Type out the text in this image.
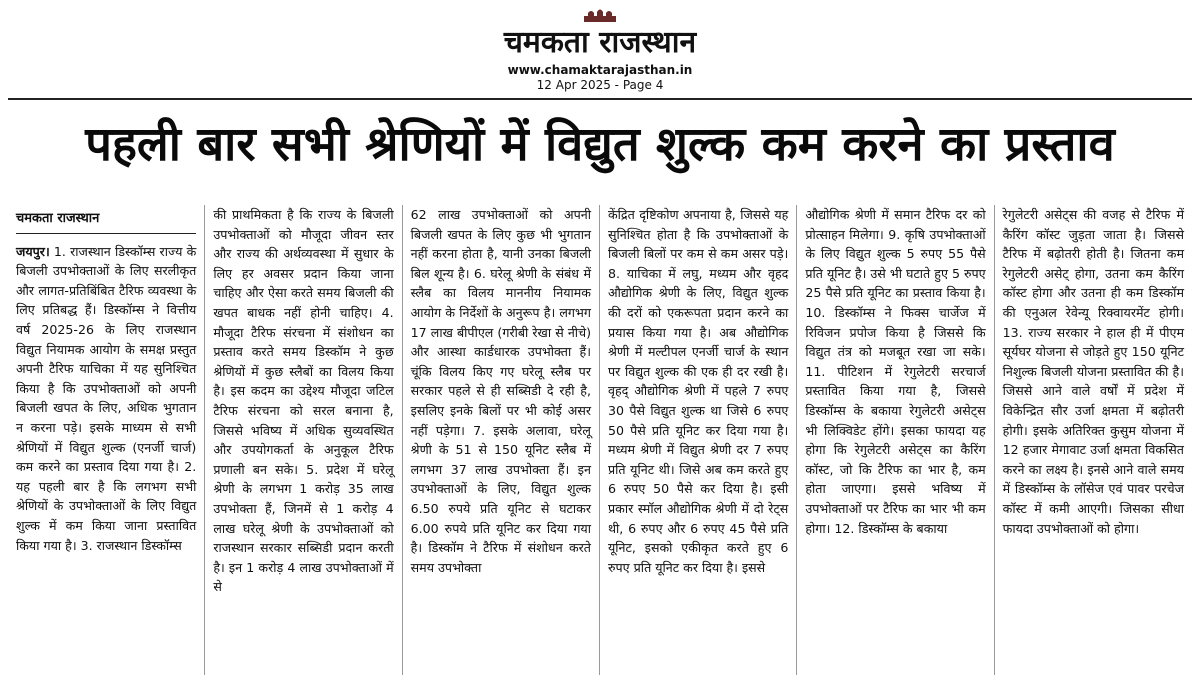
चमकता राजस्थान
www.chamaktarajasthan.in
12 Apr 2025 - Page 4
पहली बार सभी श्रेणियों में विद्युत शुल्क कम करने का प्रस्ताव
चमकता राजस्थान

जयपुर। 1. राजस्थान डिस्कॉम्स राज्य के बिजली उपभोक्ताओं के लिए सरलीकृत और लागत-प्रतिबिंबित टैरिफ व्यवस्था के लिए प्रतिबद्ध हैं। डिस्कॉम्स ने वित्तीय वर्ष 2025-26 के लिए राजस्थान विद्युत नियामक आयोग के समक्ष प्रस्तुत अपनी टैरिफ याचिका में यह सुनिश्चित किया है कि उपभोक्ताओं को अपनी बिजली खपत के लिए, अधिक भुगतान न करना पड़े। इसके माध्यम से सभी श्रेणियों में विद्युत शुल्क (एनर्जी चार्ज) कम करने का प्रस्ताव दिया गया है। 2. यह पहली बार है कि लगभग सभी श्रेणियों के उपभोक्ताओं के लिए विद्युत शुल्क में कम किया जाना प्रस्तावित किया गया है। 3. राजस्थान डिस्कॉम्स

की प्राथमिकता है कि राज्य के बिजली उपभोक्ताओं को मौजूदा जीवन स्तर और राज्य की अर्थव्यवस्था में सुधार के लिए हर अवसर प्रदान किया जाना चाहिए और ऐसा करते समय बिजली की खपत बाधक नहीं होनी चाहिए। 4. मौजूदा टैरिफ संरचना में संशोधन का प्रस्ताव करते समय डिस्कॉम ने कुछ श्रेणियों में कुछ स्लैबों का विलय किया है। इस कदम का उद्देश्य मौजूदा जटिल टैरिफ संरचना को सरल बनाना है, जिससे भविष्य में अधिक सुव्यवस्थित और उपयोगकर्ता के अनुकूल टैरिफ प्रणाली बन सके। 5. प्रदेश में घरेलू श्रेणी के लगभग 1 करोड़ 35 लाख उपभोक्ता हैं, जिनमें से 1 करोड़ 4 लाख घरेलू श्रेणी के उपभोक्ताओं को राजस्थान सरकार सब्सिडी प्रदान करती है। इन 1 करोड़ 4 लाख उपभोक्ताओं में से

62 लाख उपभोक्ताओं को अपनी बिजली खपत के लिए कुछ भी भुगतान नहीं करना होता है, यानी उनका बिजली बिल शून्य है। 6. घरेलू श्रेणी के संबंध में स्लैब का विलय माननीय नियामक आयोग के निर्देशों के अनुरूप है। लगभग 17 लाख बीपीएल (गरीबी रेखा से नीचे) और आस्था कार्डधारक उपभोक्ता हैं। चूंकि विलय किए गए घरेलू स्लैब पर सरकार पहले से ही सब्सिडी दे रही है, इसलिए इनके बिलों पर भी कोई असर नहीं पड़ेगा। 7. इसके अलावा, घरेलू श्रेणी के 51 से 150 यूनिट स्लैब में लगभग 37 लाख उपभोक्ता हैं। इन उपभोक्ताओं के लिए, विद्युत शुल्क 6.50 रुपये प्रति यूनिट से घटाकर 6.00 रुपये प्रति यूनिट कर दिया गया है। डिस्कॉम ने टैरिफ में संशोधन करते समय उपभोक्ता

केंद्रित दृष्टिकोण अपनाया है, जिससे यह सुनिश्चित होता है कि उपभोक्ताओं के बिजली बिलों पर कम से कम असर पड़े। 8. याचिका में लघु, मध्यम और वृहद औद्योगिक श्रेणी के लिए, विद्युत शुल्क की दरों को एकरूपता प्रदान करने का प्रयास किया गया है। अब औद्योगिक श्रेणी में मल्टीपल एनर्जी चार्ज के स्थान पर विद्युत शुल्क की एक ही दर रखी है। वृहद् औद्योगिक श्रेणी में पहले 7 रुपए 30 पैसे विद्युत शुल्क था जिसे 6 रुपए 50 पैसे प्रति यूनिट कर दिया गया है। मध्यम श्रेणी में विद्युत श्रेणी दर 7 रुपए प्रति यूनिट थी। जिसे अब कम करते हुए 6 रुपए 50 पैसे कर दिया है। इसी प्रकार स्मॉल औद्योगिक श्रेणी में दो रेट्स थी, 6 रुपए और 6 रुपए 45 पैसे प्रति यूनिट, इसको एकीकृत करते हुए 6 रुपए प्रति यूनिट कर दिया है। इससे

औद्योगिक श्रेणी में समान टैरिफ दर को प्रोत्साहन मिलेगा। 9. कृषि उपभोक्ताओं के लिए विद्युत शुल्क 5 रुपए 55 पैसे प्रति यूनिट है। उसे भी घटाते हुए 5 रुपए 25 पैसे प्रति यूनिट का प्रस्ताव किया है। 10. डिस्कॉम्स ने फिक्स चार्जेज में रिविजन प्रपोज किया है जिससे कि विद्युत तंत्र को मजबूत रखा जा सके। 11. पीटिशन में रेगुलेटरी सरचार्ज प्रस्तावित किया गया है, जिससे डिस्कॉम्स के बकाया रेगुलेटरी असेट्स भी लिक्विडेट होंगे। इसका फायदा यह होगा कि रेगुलेटरी असेट्स का कैरिंग कॉस्ट, जो कि टैरिफ का भार है, कम होता जाएगा। इससे भविष्य में उपभोक्ताओं पर टैरिफ का भार भी कम होगा। 12. डिस्कॉम्स के बकाया

रेगुलेटरी असेट्स की वजह से टैरिफ में कैरिंग कॉस्ट जुड़ता जाता है। जिससे टैरिफ में बढ़ोतरी होती है। जितना कम रेगुलेटरी असेट् होगा, उतना कम कैरिंग कॉस्ट होगा और उतना ही कम डिस्कॉम की एनुअल रेवेन्यू रिक्वायरमेंट होगी। 13. राज्य सरकार ने हाल ही में पीएम सूर्यघर योजना से जोड़ते हुए 150 यूनिट निशुल्क बिजली योजना प्रस्तावित की है। जिससे आने वाले वर्षों में प्रदेश में विकेन्द्रित सौर उर्जा क्षमता में बढ़ोतरी होगी। इसके अतिरिक्त कुसुम योजना में 12 हजार मेगावाट उर्जा क्षमता विकसित करने का लक्ष्य है। इनसे आने वाले समय में डिस्कॉम्स के लॉसेज एवं पावर परचेज कॉस्ट में कमी आएगी। जिसका सीधा फायदा उपभोक्ताओं को होगा।
